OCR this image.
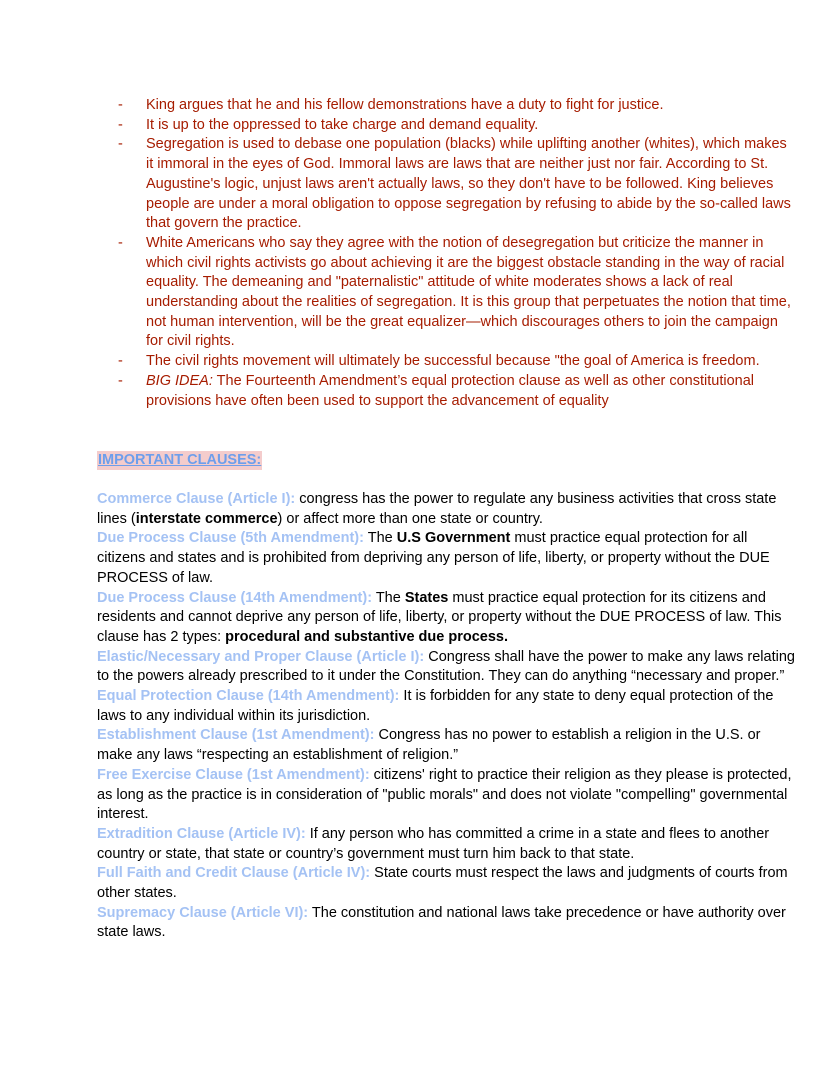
- King argues that he and his fellow demonstrations have a duty to fight for justice.
- It is up to the oppressed to take charge and demand equality.
- Segregation is used to debase one population (blacks) while uplifting another (whites), which makes it immoral in the eyes of God. Immoral laws are laws that are neither just nor fair. According to St. Augustine's logic, unjust laws aren't actually laws, so they don't have to be followed. King believes people are under a moral obligation to oppose segregation by refusing to abide by the so-called laws that govern the practice.
- White Americans who say they agree with the notion of desegregation but criticize the manner in which civil rights activists go about achieving it are the biggest obstacle standing in the way of racial equality. The demeaning and "paternalistic" attitude of white moderates shows a lack of real understanding about the realities of segregation. It is this group that perpetuates the notion that time, not human intervention, will be the great equalizer—which discourages others to join the campaign for civil rights.
- The civil rights movement will ultimately be successful because "the goal of America is freedom.
- BIG IDEA: The Fourteenth Amendment’s equal protection clause as well as other constitutional provisions have often been used to support the advancement of equality
IMPORTANT CLAUSES:

Commerce Clause (Article I): congress has the power to regulate any business activities that cross state lines (interstate commerce) or affect more than one state or country.

Due Process Clause (5th Amendment): The U.S Government must practice equal protection for all citizens and states and is prohibited from depriving any person of life, liberty, or property without the DUE PROCESS of law.

Due Process Clause (14th Amendment): The States must practice equal protection for its citizens and residents and cannot deprive any person of life, liberty, or property without the DUE PROCESS of law. This clause has 2 types: procedural and substantive due process.

Elastic/Necessary and Proper Clause (Article I): Congress shall have the power to make any laws relating to the powers already prescribed to it under the Constitution. They can do anything “necessary and proper.”

Equal Protection Clause (14th Amendment): It is forbidden for any state to deny equal protection of the laws to any individual within its jurisdiction.

Establishment Clause (1st Amendment): Congress has no power to establish a religion in the U.S. or make any laws “respecting an establishment of religion.”

Free Exercise Clause (1st Amendment): citizens' right to practice their religion as they please is protected, as long as the practice is in consideration of "public morals" and does not violate "compelling" governmental interest.

Extradition Clause (Article IV): If any person who has committed a crime in a state and flees to another country or state, that state or country’s government must turn him back to that state.

Full Faith and Credit Clause (Article IV): State courts must respect the laws and judgments of courts from other states.

Supremacy Clause (Article VI): The constitution and national laws take precedence or have authority over state laws.
